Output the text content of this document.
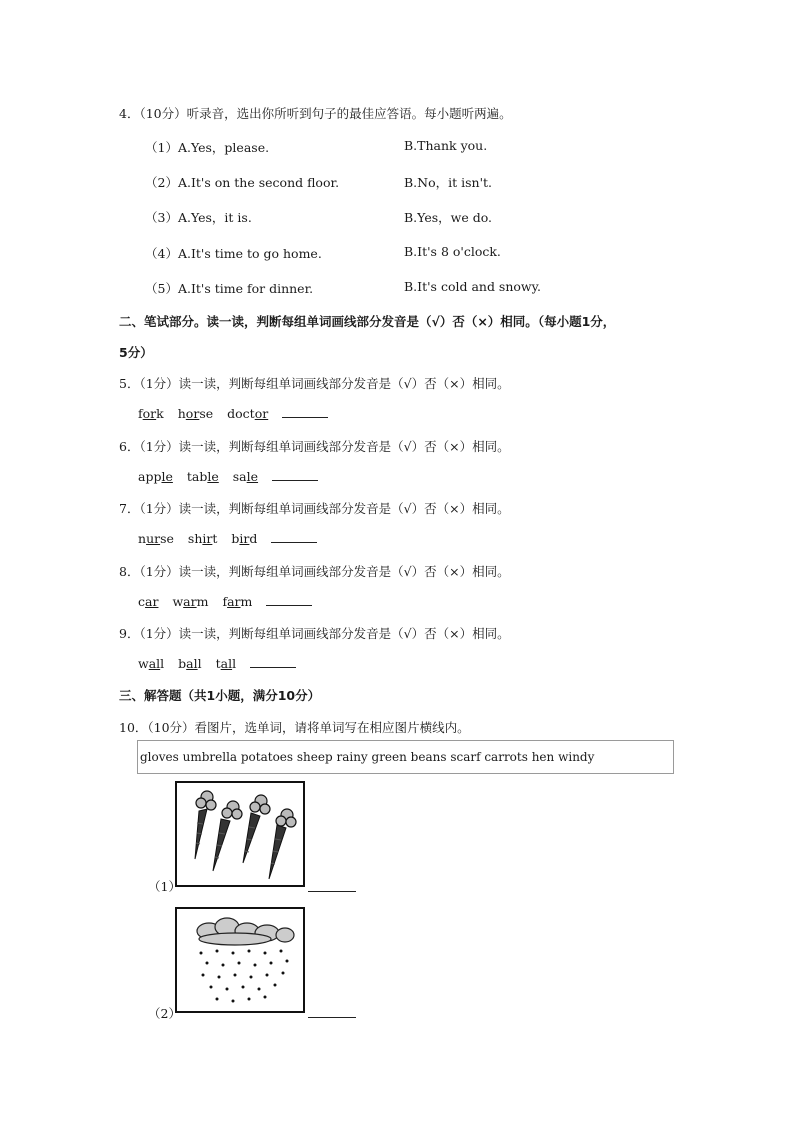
4．（10分）听录音，选出你所听到句子的最佳应答语。每小题听两遍。
（1）A.Yes，please.	B.Thank you.
（2）A.It's on the second floor.	B.No，it isn't.
（3）A.Yes，it is.	B.Yes，we do.
（4）A.It's time to go home.	B.It's 8 o'clock.
（5）A.It's time for dinner.	B.It's cold and snowy.
二、笔试部分。读一读，判断每组单词画线部分发音是（√）否（×）相同。（每小题1分，
5分）
5．（1分）读一读，判断每组单词画线部分发音是（√）否（×）相同。
fork horse doctor
6．（1分）读一读，判断每组单词画线部分发音是（√）否（×）相同。
apple table sale
7．（1分）读一读，判断每组单词画线部分发音是（√）否（×）相同。
nurse shirt bird
8．（1分）读一读，判断每组单词画线部分发音是（√）否（×）相同。
car warm farm
9．（1分）读一读，判断每组单词画线部分发音是（√）否（×）相同。
wall ball tall
三、解答题（共1小题，满分10分）
10．（10分）看图片，选单词，请将单词写在相应图片横线内。
gloves umbrella potatoes sheep rainy green beans scarf carrots hen windy
（1）
（2）
